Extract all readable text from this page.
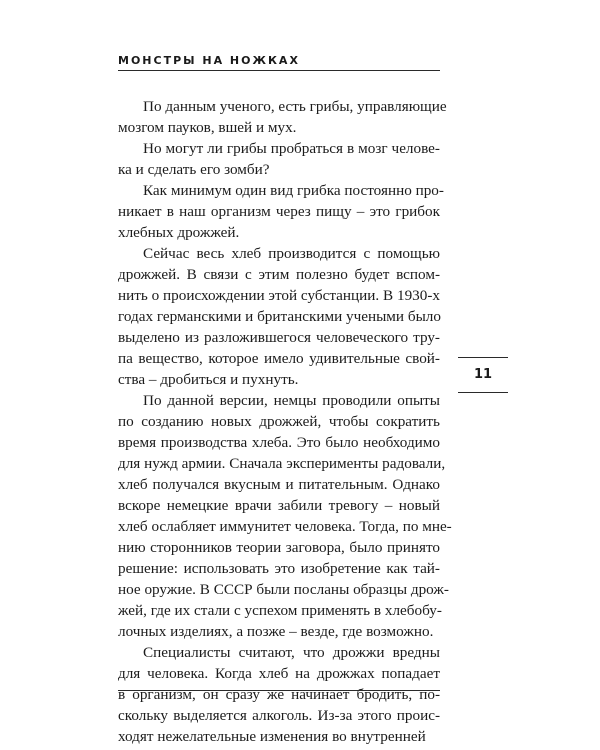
МОНСТРЫ НА НОЖКАХ

По данным ученого, есть грибы, управляющие
мозгом пауков, вшей и мух.

Но могут ли грибы пробраться в мозг челове-
ка и сделать его зомби?

Как минимум один вид грибка постоянно про-
никает в наш организм через пищу – это грибок
хлебных дрожжей.

Сейчас весь хлеб производится с помощью
дрожжей. В связи с этим полезно будет вспом-
нить о происхождении этой субстанции. В 1930-х
годах германскими и британскими учеными было
выделено из разложившегося человеческого тру-
па вещество, которое имело удивительные свой-
ства – дробиться и пухнуть.

По данной версии, немцы проводили опыты
по созданию новых дрожжей, чтобы сократить
время производства хлеба. Это было необходимо
для нужд армии. Сначала эксперименты радовали,
хлеб получался вкусным и питательным. Однако
вскоре немецкие врачи забили тревогу – новый
хлеб ослабляет иммунитет человека. Тогда, по мне-
нию сторонников теории заговора, было принято
решение: использовать это изобретение как тай-
ное оружие. В СССР были посланы образцы дрож-
жей, где их стали с успехом применять в хлебобу-
лочных изделиях, а позже – везде, где возможно.

Специалисты считают, что дрожжи вредны
для человека. Когда хлеб на дрожжах попадает
в организм, он сразу же начинает бродить, по-
скольку выделяется алкоголь. Из-за этого проис-
ходят нежелательные изменения во внутренней

11
